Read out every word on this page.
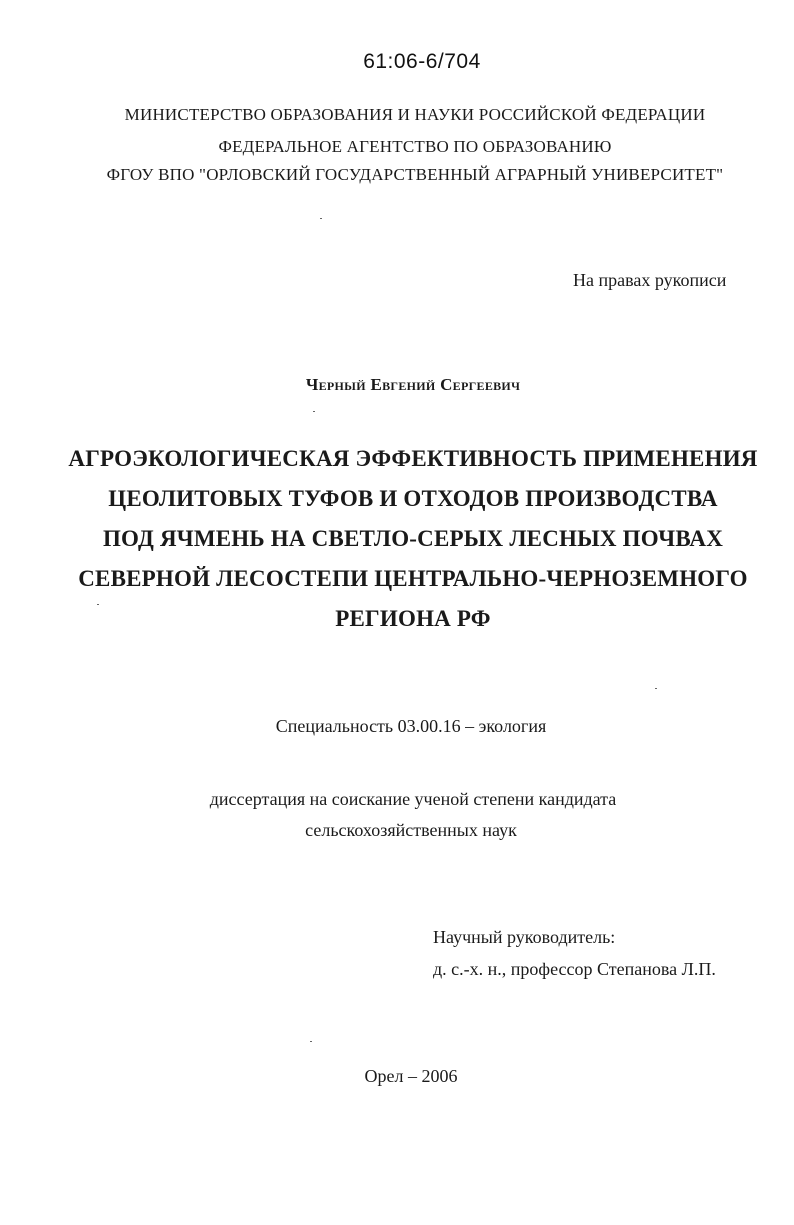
61:06-6/704
МИНИСТЕРСТВО ОБРАЗОВАНИЯ И НАУКИ РОССИЙСКОЙ ФЕДЕРАЦИИ
ФЕДЕРАЛЬНОЕ АГЕНТСТВО ПО ОБРАЗОВАНИЮ
ФГОУ ВПО "ОРЛОВСКИЙ ГОСУДАРСТВЕННЫЙ АГРАРНЫЙ УНИВЕРСИТЕТ"
На правах рукописи
Черный Евгений Сергеевич
АГРОЭКОЛОГИЧЕСКАЯ ЭФФЕКТИВНОСТЬ ПРИМЕНЕНИЯ
ЦЕОЛИТОВЫХ ТУФОВ И ОТХОДОВ ПРОИЗВОДСТВА
ПОД ЯЧМЕНЬ НА СВЕТЛО-СЕРЫХ ЛЕСНЫХ ПОЧВАХ
СЕВЕРНОЙ ЛЕСОСТЕПИ ЦЕНТРАЛЬНО-ЧЕРНОЗЕМНОГО
РЕГИОНА РФ
Специальность 03.00.16 – экология
диссертация на соискание ученой степени кандидата
сельскохозяйственных наук
Научный руководитель:
д. с.-х. н., профессор Степанова Л.П.
Орел – 2006
